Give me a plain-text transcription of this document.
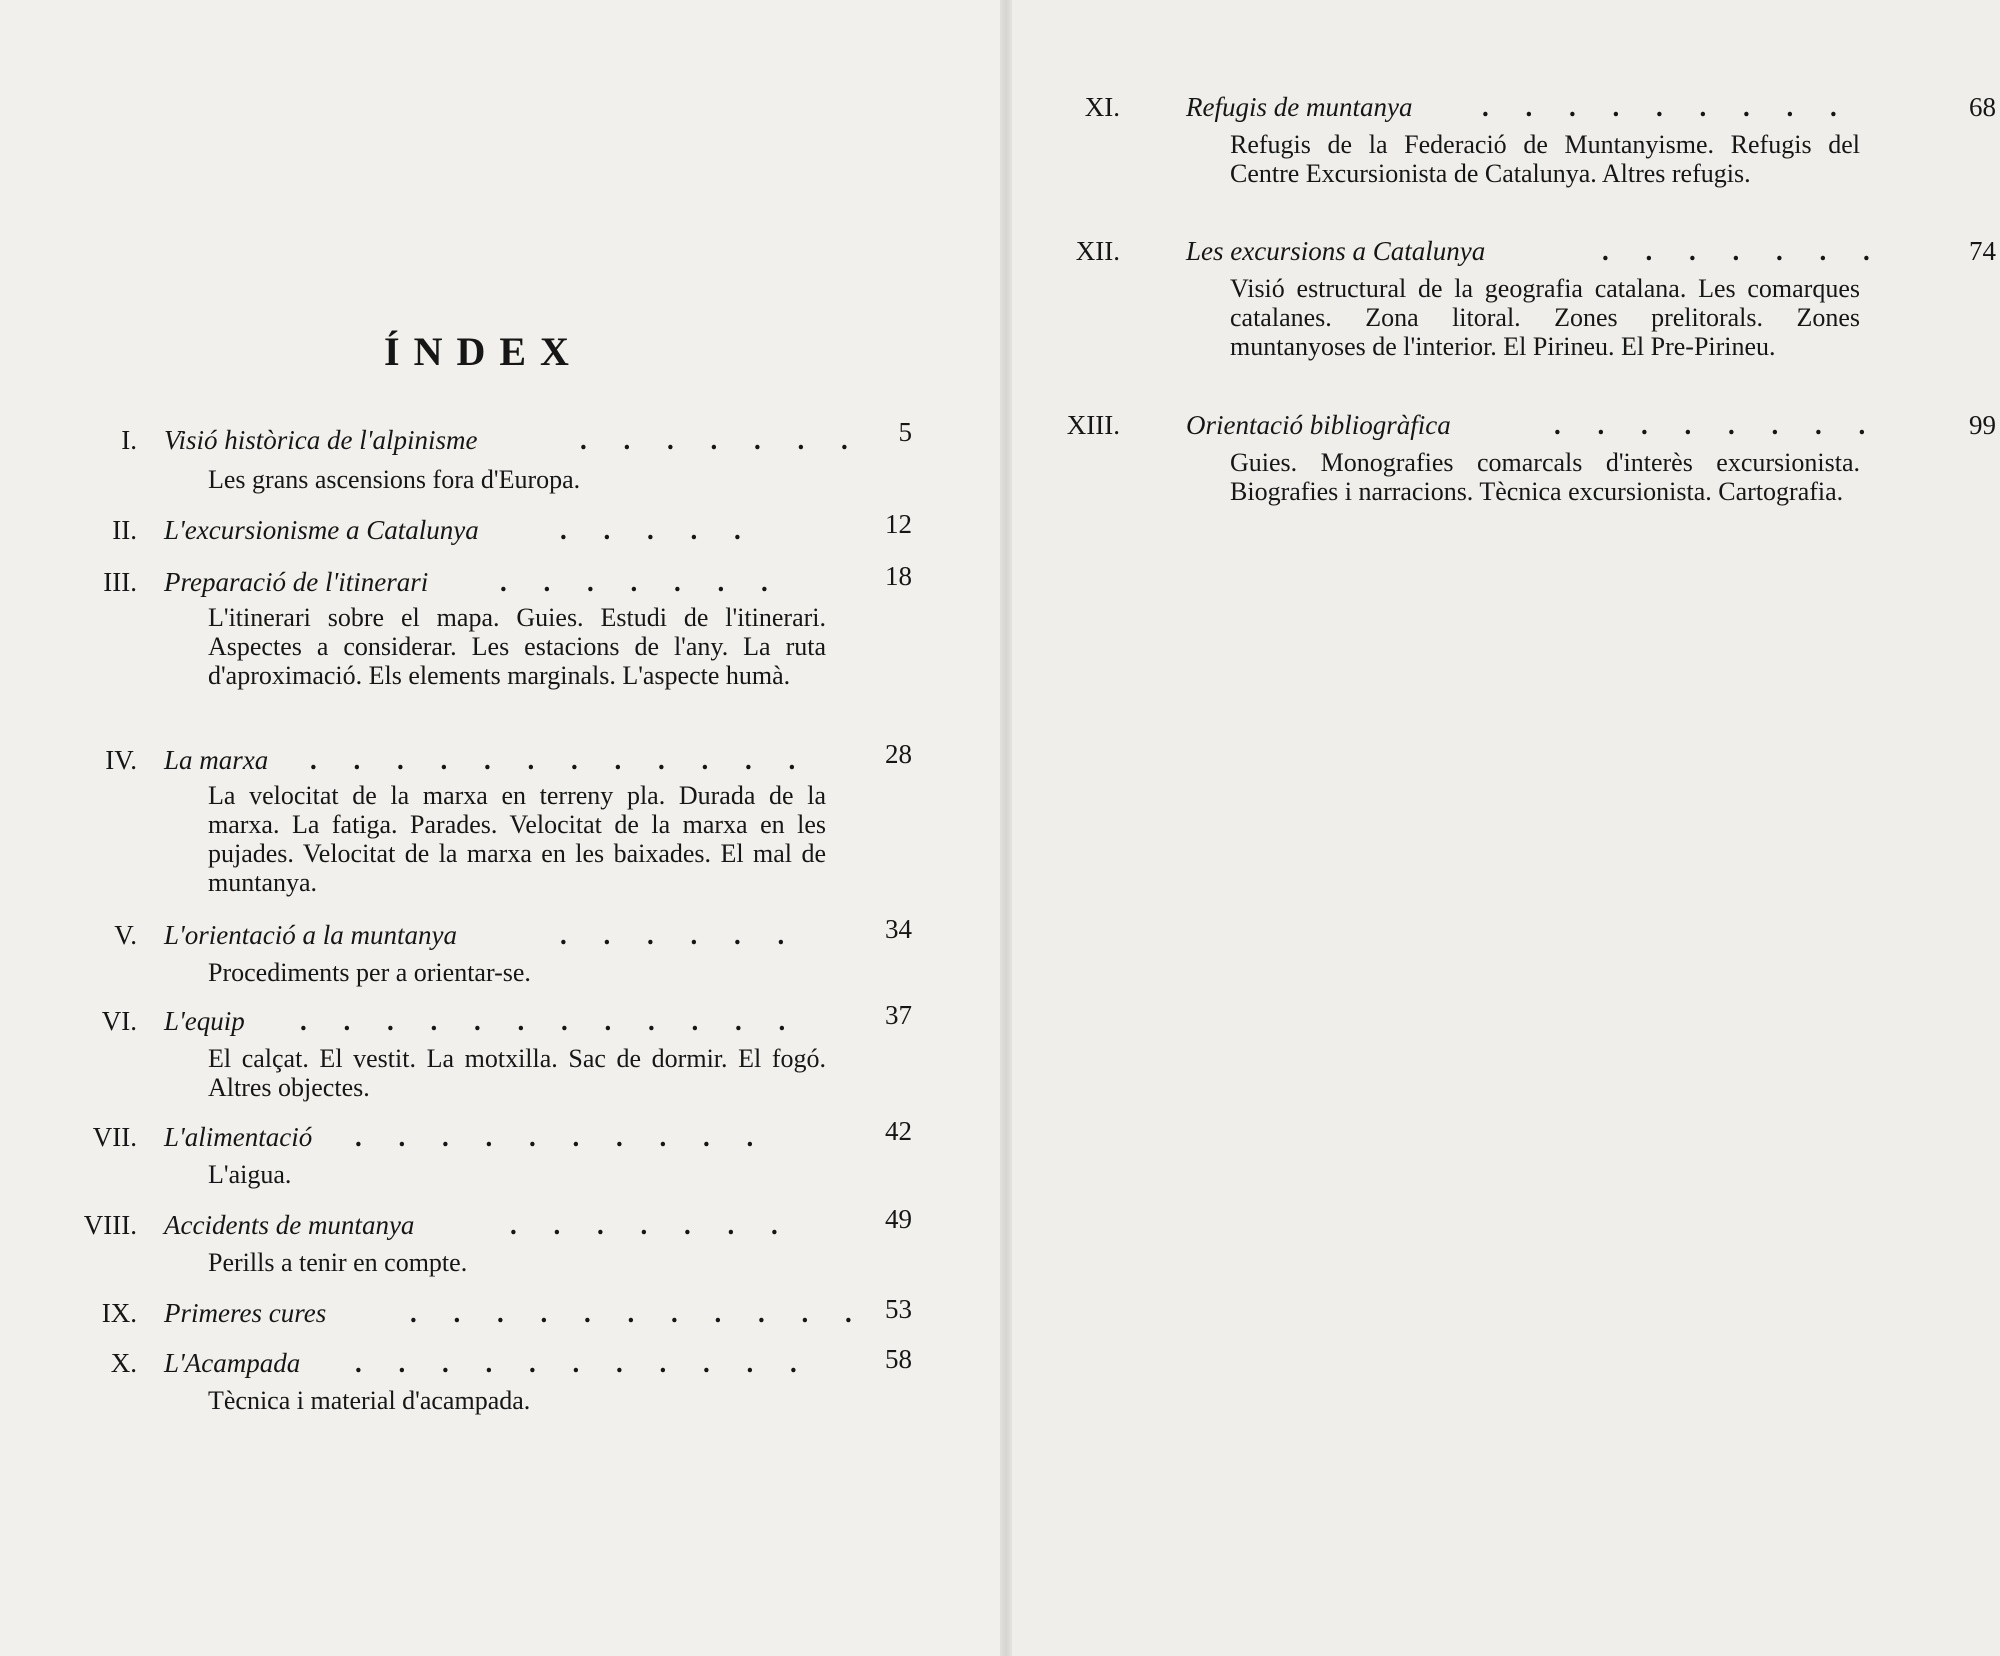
ÍNDEX
I. Visió històrica de l'alpinisme	. . . . . . .	5
Les grans ascensions fora d'Europa.
II. L'excursionisme a Catalunya	. . . . .	12
III. Preparació de l'itinerari	. . . . . . .	18
L'itinerari sobre el mapa. Guies. Estudi de l'itinerari. Aspectes a considerar. Les estacions de l'any. La ruta d'aproximació. Els elements marginals. L'aspecte humà.
IV. La marxa . . . . . . . . . . . .	28
La velocitat de la marxa en terreny pla. Durada de la marxa. La fatiga. Parades. Velocitat de la marxa en les pujades. Velocitat de la marxa en les baixades. El mal de muntanya.
V. L'orientació a la muntanya	. . . . . .	34
Procediments per a orientar-se.
VI. L'equip . . . . . . . . . . . .	37
El calçat. El vestit. La motxilla. Sac de dormir. El fogó. Altres objectes.
VII. L'alimentació . . . . . . . . . .	42
L'aigua.
VIII. Accidents de muntanya	. . . . . . .	49
Perills a tenir en compte.
IX. Primeres cures	. . . . . . . . . . . 53
X. L'Acampada . . . . . . . . . . .	58
Tècnica i material d'acampada.
XI. Refugis de muntanya	. . . . . . . . .	68
Refugis de la Federació de Muntanyisme. Refugis del Centre Excursionista de Catalunya. Altres refugis.
XII. Les excursions a Catalunya	. . . . . . .	74
Visió estructural de la geografia catalana. Les comarques catalanes. Zona litoral. Zones prelitorals. Zones muntanyoses de l'interior. El Pirineu. El Pre-Pirineu.
XIII. Orientació bibliogràfica	. . . . . . . .	99
Guies. Monografies comarcals d'interès excursionista. Biografies i narracions. Tècnica excursionista. Cartografia.
